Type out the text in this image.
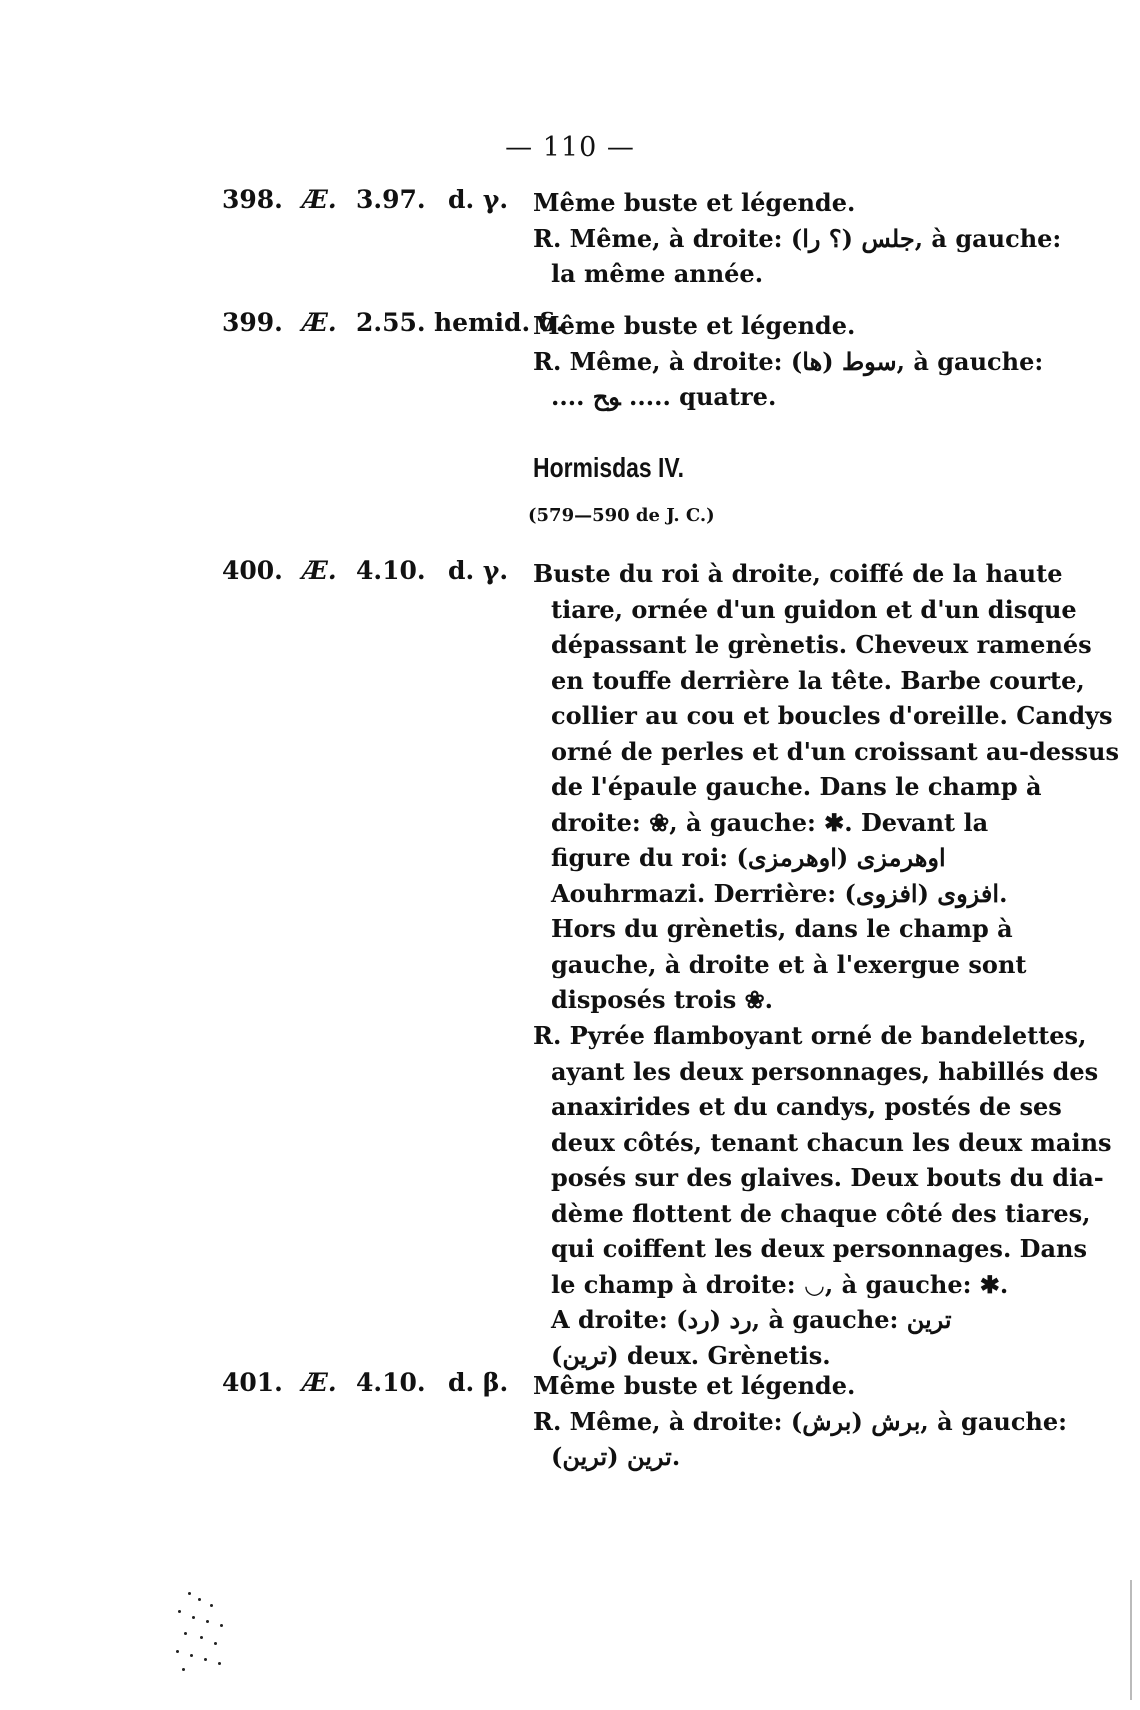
— 110 —
398. Æ. 3.97. d. γ. Même buste et légende.
R. Même, à droite: ﺟﻠﺲ (؟ ﺭﺍ), à gauche:
la même année.
399. Æ. 2.55. hemid. δ.
Même buste et légende.
R. Même, à droite: ﺳﻮﻁ (ﻫﺎ), à gauche:
.... ﻮﺢ ..... quatre.
Hormisdas IV.
(579—590 de J. C.)
400. Æ. 4.10. d. γ. Buste du roi à droite, coiffé de la haute
tiare, ornée d'un guidon et d'un disque
dépassant le grènetis. Cheveux ramenés
en touffe derrière la tête. Barbe courte,
collier au cou et boucles d'oreille. Candys
orné de perles et d'un croissant au-dessus
de l'épaule gauche. Dans le champ à
droite: ❀, à gauche: ✱. Devant la
figure du roi: ﺍﻭﻫﺮﻣﺰﻯ (ﺍﻭﻫﺮﻣﺰﻯ)
Aouhrmazi. Derrière: ﺍﻓﺰﻭﻯ (ﺍﻓﺰﻭﻯ).
Hors du grènetis, dans le champ à
gauche, à droite et à l'exergue sont
disposés trois ❀.
R. Pyrée flamboyant orné de bandelettes,
ayant les deux personnages, habillés des
anaxirides et du candys, postés de ses
deux côtés, tenant chacun les deux mains
posés sur des glaives. Deux bouts du dia-
dème flottent de chaque côté des tiares,
qui coiffent les deux personnages. Dans
le champ à droite: ◡, à gauche: ✱.
A droite: ﺭﺩ (ﺭﺩ), à gauche: ﺗﺮﻳﻦ
(ﺗﺮﻳﻦ) deux. Grènetis.
401. Æ. 4.10. d. β. Même buste et légende.
R. Même, à droite: ﺑﺮﺵ (ﺑﺮﺵ), à gauche:
ﺗﺮﻳﻦ (ﺗﺮﻳﻦ).
